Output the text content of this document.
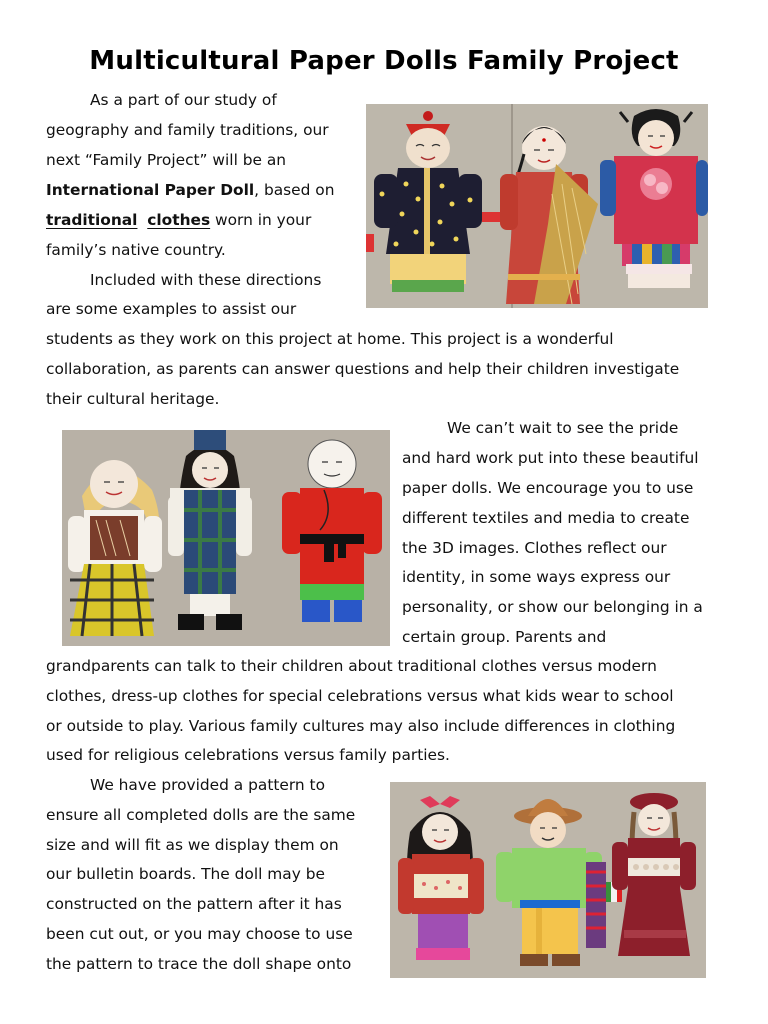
Multicultural Paper Dolls Family Project
As a part of our study of
geography and family traditions, our
next “Family Project” will be an
International Paper Doll, based on
traditional clothes worn in your
family’s native country.
Included with these directions
are some examples to assist our
students as they work on this project at home. This project is a wonderful
collaboration, as parents can answer questions and help their children investigate
their cultural heritage.
We can’t wait to see the pride
and hard work put into these beautiful
paper dolls. We encourage you to use
different textiles and media to create
the 3D images. Clothes reflect our
identity, in some ways express our
personality, or show our belonging in a
certain group. Parents and
grandparents can talk to their children about traditional clothes versus modern
clothes, dress-up clothes for special celebrations versus what kids wear to school
or outside to play. Various family cultures may also include differences in clothing
used for religious celebrations versus family parties.
We have provided a pattern to
ensure all completed dolls are the same
size and will fit as we display them on
our bulletin boards. The doll may be
constructed on the pattern after it has
been cut out, or you may choose to use
the pattern to trace the doll shape onto
